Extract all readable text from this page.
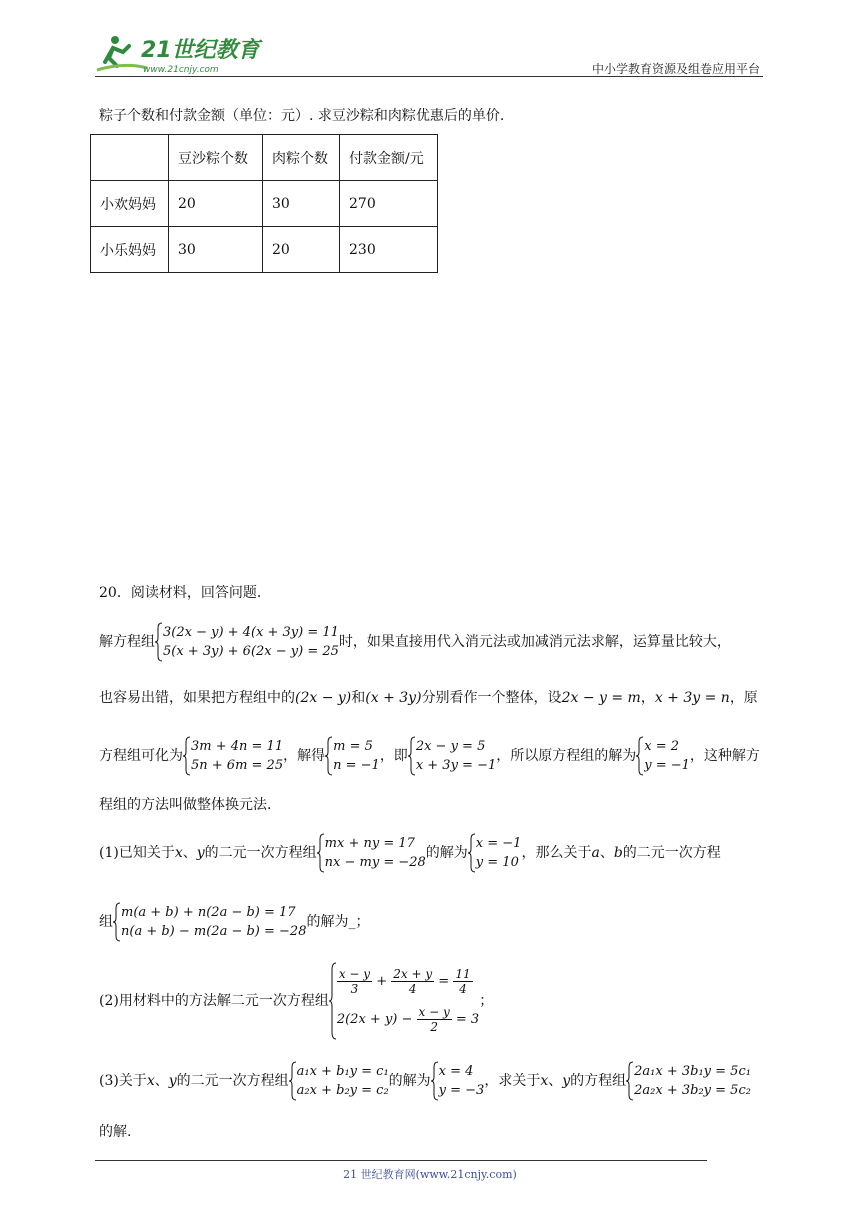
21世纪教育
www.21cnjy.com	中小学教育资源及组卷应用平台
粽子个数和付款金额（单位：元）. 求豆沙粽和肉粽优惠后的单价.
	豆沙粽个数	肉粽个数	付款金额/元
小欢妈妈	20	30	270
小乐妈妈	30	20	230
20．阅读材料，回答问题．
解方程组3(2x − y) + 4(x + 3y) = 11
5(x + 3y) + 6(2x − y) = 25时，如果直接用代入消元法或加减消元法求解，运算量比较大，
也容易出错，如果把方程组中的(2x − y)和(x + 3y)分别看作一个整体，设2x − y = m，x + 3y = n，原
方程组可化为3m + 4n = 11
5n + 6m = 25，解得m = 5
n = −1，即2x − y = 5
x + 3y = −1，所以原方程组的解为x = 2
y = −1，这种解方
程组的方法叫做整体换元法．
(1)已知关于x、y的二元一次方程组mx + ny = 17
nx − my = −28的解为x = −1
y = 10，那么关于a、b的二元一次方程
组m(a + b) + n(2a − b) = 17
n(a + b) − m(2a − b) = −28的解为_；
(2)用材料中的方法解二元一次方程组
$\frac{x - y}{3} + \frac{2x + y}{4} = \frac{11}{4}$

$2(2x + y) - \frac{x - y}{2} = 3$；
(3)关于x、y的二元一次方程组a₁x + b₁y = c₁
a₂x + b₂y = c₂的解为x = 4
y = −3，求关于x、y的方程组2a₁x + 3b₁y = 5c₁
2a₂x + 3b₂y = 5c₂
的解.
21 世纪教育网(www.21cnjy.com)
